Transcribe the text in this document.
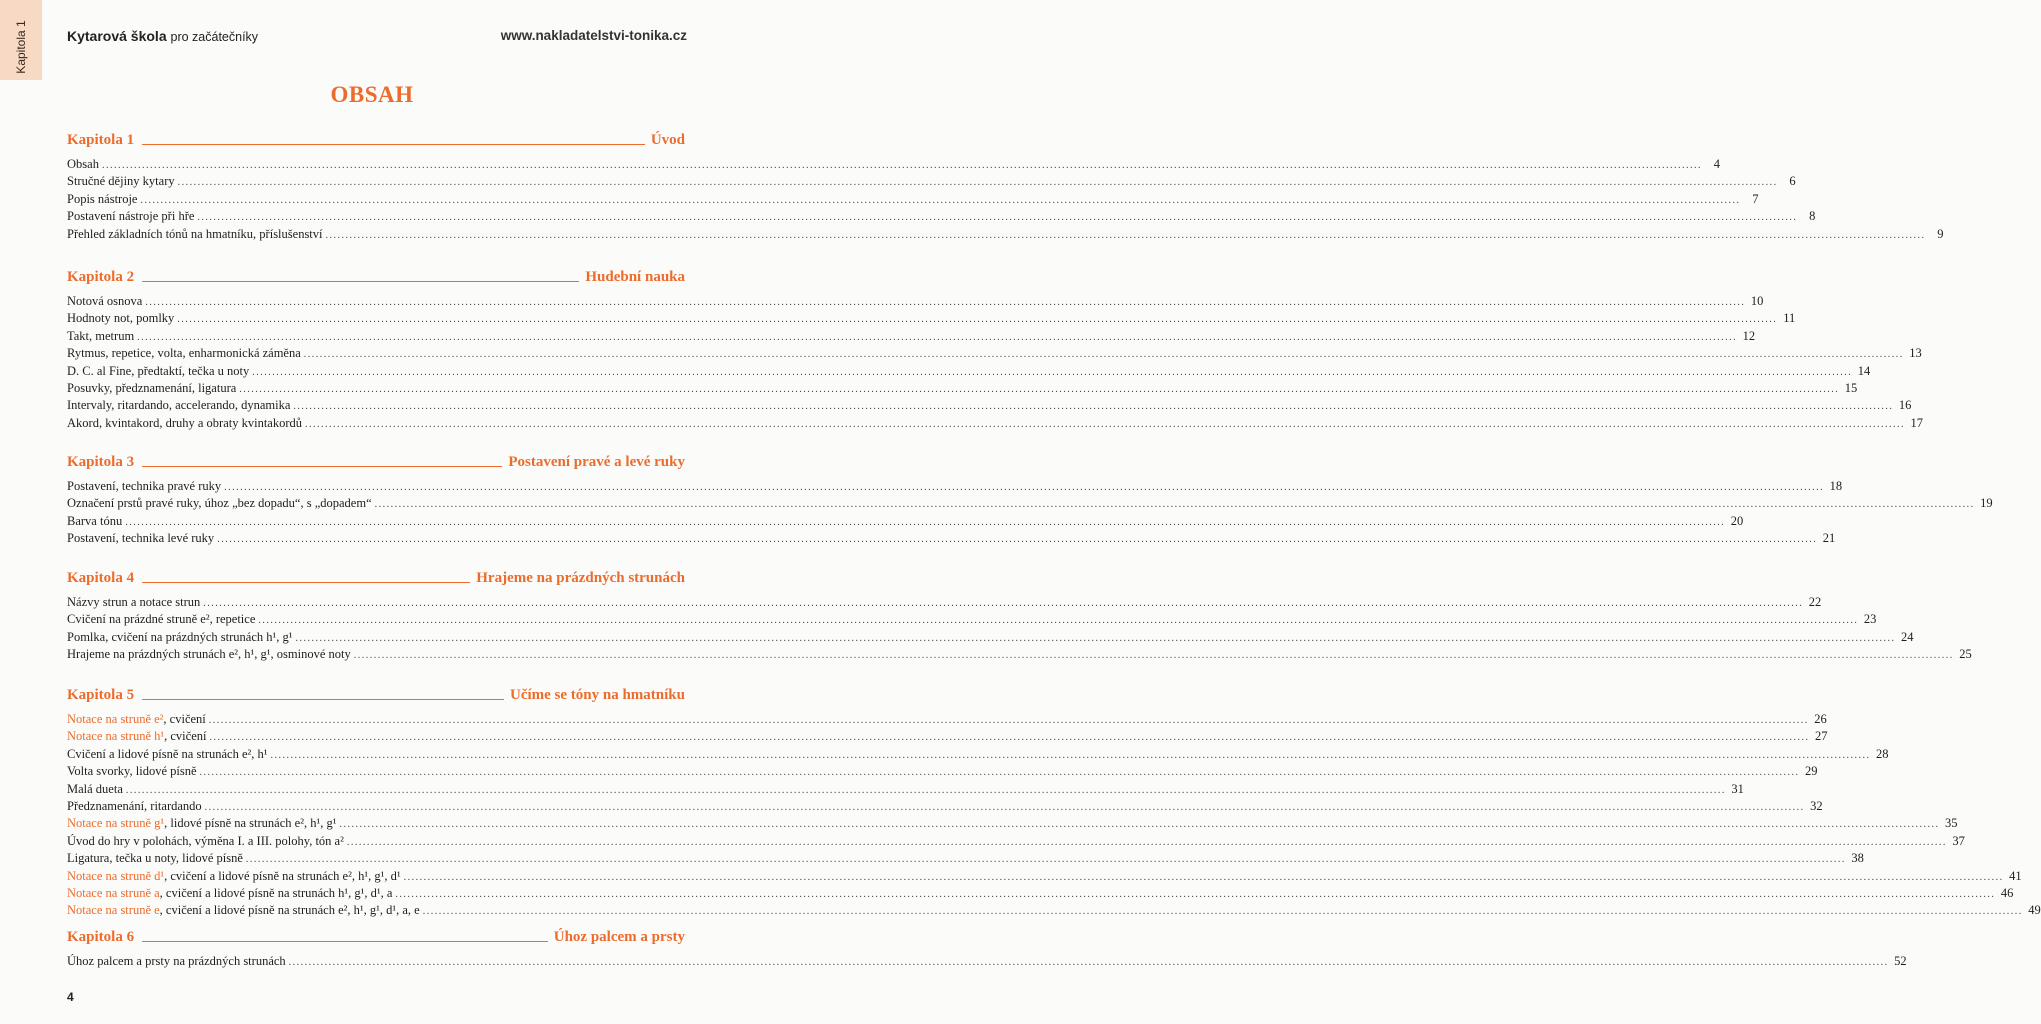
Kapitola 1	Kytarová škola pro začátečníky	www.nakladatelstvi-tonika.cz
OBSAH
Kapitola 1	Úvod
Obsah ................................................................................................................................................................................................................................................................................................................................................................................................................ 4
Stručné dějiny kytary ................................................................................................................................................................................................................................................................................................................................................................................................................ 6
Popis nástroje ................................................................................................................................................................................................................................................................................................................................................................................................................ 7
Postavení nástroje při hře ................................................................................................................................................................................................................................................................................................................................................................................................................ 8
Přehled základních tónů na hmatníku, příslušenství ................................................................................................................................................................................................................................................................................................................................................................................................................ 9
Kapitola 2	Hudební nauka
Notová osnova ................................................................................................................................................................................................................................................................................................................................................................................................................ 10
Hodnoty not, pomlky ................................................................................................................................................................................................................................................................................................................................................................................................................ 11
Takt, metrum ................................................................................................................................................................................................................................................................................................................................................................................................................ 12
Rytmus, repetice, volta, enharmonická záměna ................................................................................................................................................................................................................................................................................................................................................................................................................ 13
D. C. al Fine, předtaktí, tečka u noty ................................................................................................................................................................................................................................................................................................................................................................................................................ 14
Posuvky, předznamenání, ligatura ................................................................................................................................................................................................................................................................................................................................................................................................................ 15
Intervaly, ritardando, accelerando, dynamika ................................................................................................................................................................................................................................................................................................................................................................................................................ 16
Akord, kvintakord, druhy a obraty kvintakordů ................................................................................................................................................................................................................................................................................................................................................................................................................ 17
Kapitola 3	Postavení pravé a levé ruky
Postavení, technika pravé ruky ................................................................................................................................................................................................................................................................................................................................................................................................................ 18
Označení prstů pravé ruky, úhoz „bez dopadu“, s „dopadem“ ................................................................................................................................................................................................................................................................................................................................................................................................................ 19
Barva tónu ................................................................................................................................................................................................................................................................................................................................................................................................................ 20
Postavení, technika levé ruky ................................................................................................................................................................................................................................................................................................................................................................................................................ 21
Kapitola 4	Hrajeme na prázdných strunách
Názvy strun a notace strun ................................................................................................................................................................................................................................................................................................................................................................................................................ 22
Cvičení na prázdné struně e², repetice ................................................................................................................................................................................................................................................................................................................................................................................................................ 23
Pomlka, cvičení na prázdných strunách h¹, g¹ ................................................................................................................................................................................................................................................................................................................................................................................................................ 24
Hrajeme na prázdných strunách e², h¹, g¹, osminové noty ................................................................................................................................................................................................................................................................................................................................................................................................................ 25
Kapitola 5	Učíme se tóny na hmatníku
Notace na struně e², cvičení ................................................................................................................................................................................................................................................................................................................................................................................................................ 26
Notace na struně h¹, cvičení ................................................................................................................................................................................................................................................................................................................................................................................................................ 27
Cvičení a lidové písně na strunách e², h¹ ................................................................................................................................................................................................................................................................................................................................................................................................................ 28
Volta svorky, lidové písně ................................................................................................................................................................................................................................................................................................................................................................................................................ 29
Malá dueta ................................................................................................................................................................................................................................................................................................................................................................................................................ 31
Předznamenání, ritardando ................................................................................................................................................................................................................................................................................................................................................................................................................ 32
Notace na struně g¹, lidové písně na strunách e², h¹, g¹ ................................................................................................................................................................................................................................................................................................................................................................................................................ 35
Úvod do hry v polohách, výměna I. a III. polohy, tón a² ................................................................................................................................................................................................................................................................................................................................................................................................................ 37
Ligatura, tečka u noty, lidové písně ................................................................................................................................................................................................................................................................................................................................................................................................................ 38
Notace na struně d¹, cvičení a lidové písně na strunách e², h¹, g¹, d¹ ................................................................................................................................................................................................................................................................................................................................................................................................................ 41
Notace na struně a, cvičení a lidové písně na strunách h¹, g¹, d¹, a ................................................................................................................................................................................................................................................................................................................................................................................................................ 46
Notace na struně e, cvičení a lidové písně na strunách e², h¹, g¹, d¹, a, e ................................................................................................................................................................................................................................................................................................................................................................................................................ 49
Kapitola 6	Úhoz palcem a prsty
Úhoz palcem a prsty na prázdných strunách ................................................................................................................................................................................................................................................................................................................................................................................................................ 52
4
